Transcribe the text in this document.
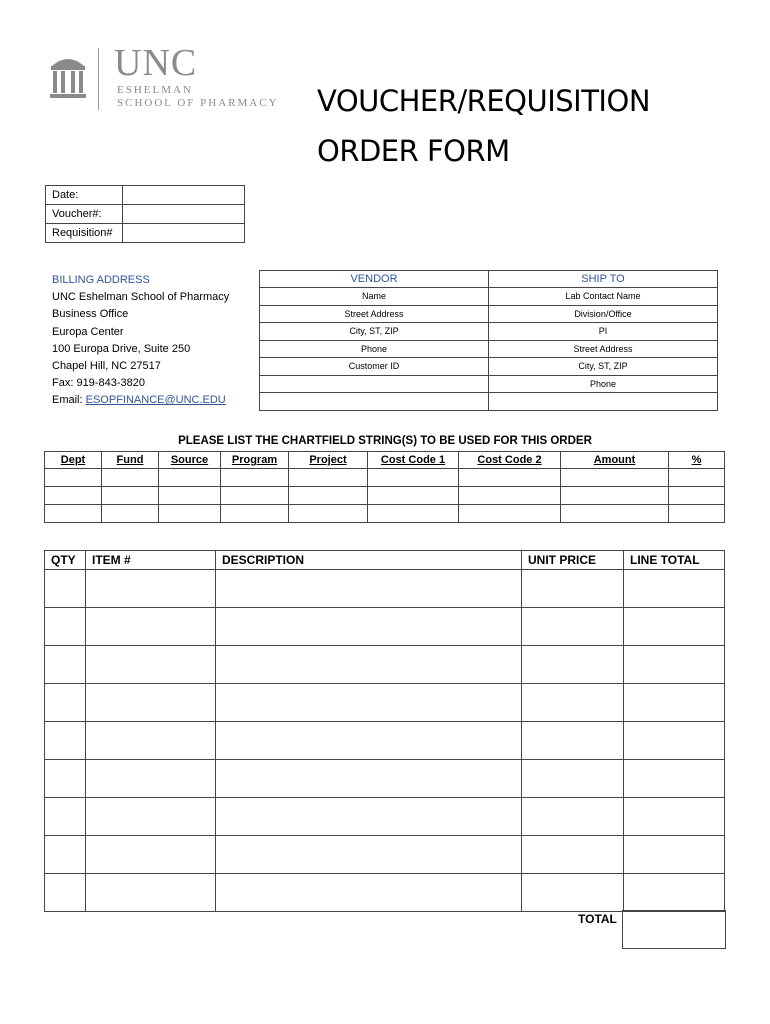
UNC
ESHELMAN
SCHOOL OF PHARMACY VOUCHER/REQUISITION
ORDER FORM
Date:	
Voucher#:	
Requisition#	
BILLING ADDRESS
UNC Eshelman School of Pharmacy
Business Office
Europa Center
100 Europa Drive, Suite 250
Chapel Hill, NC 27517
Fax: 919-843-3820
Email: ESOPFINANCE@UNC.EDU
VENDOR	SHIP TO
Name	Lab Contact Name
Street Address	Division/Office
City, ST, ZIP	PI
Phone	Street Address
Customer ID	City, ST, ZIP
	Phone

PLEASE LIST THE CHARTFIELD STRING(S) TO BE USED FOR THIS ORDER
Dept	Fund	Source	Program	Project	Cost Code 1	Cost Code 2	Amount	%

QTY	ITEM #	DESCRIPTION	UNIT PRICE	LINE TOTAL

TOTAL
